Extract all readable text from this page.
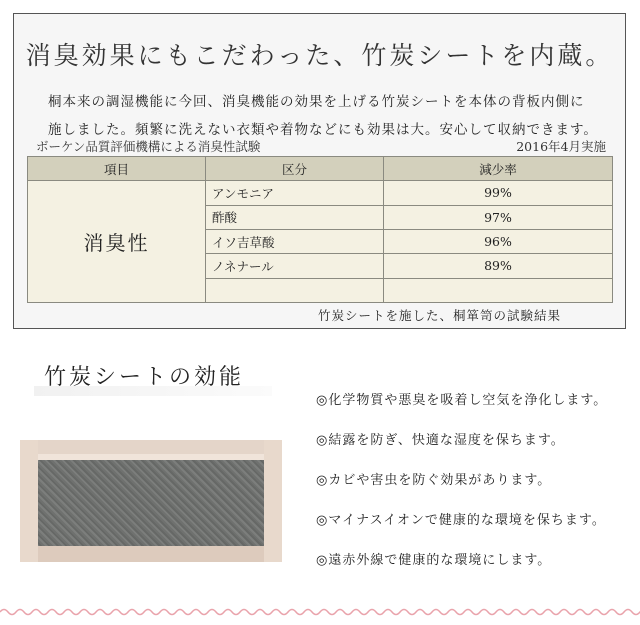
消臭効果にもこだわった、竹炭シートを内蔵。
桐本来の調湿機能に今回、消臭機能の効果を上げる竹炭シートを本体の背板内側に
施しました。頻繁に洗えない衣類や着物などにも効果は大。安心して収納できます。
ボーケン品質評価機構による消臭性試験	2016年4月実施
項目	区分	減少率
消臭性	アンモニア	99%
	酢酸	97%
	イソ吉草酸	96%
	ノネナール	89%

竹炭シートを施した、桐箪笥の試験結果
竹炭シートの効能
◎化学物質や悪臭を吸着し空気を浄化します。
◎結露を防ぎ、快適な湿度を保ちます。
◎カビや害虫を防ぐ効果があります。
◎マイナスイオンで健康的な環境を保ちます。
◎遠赤外線で健康的な環境にします。
